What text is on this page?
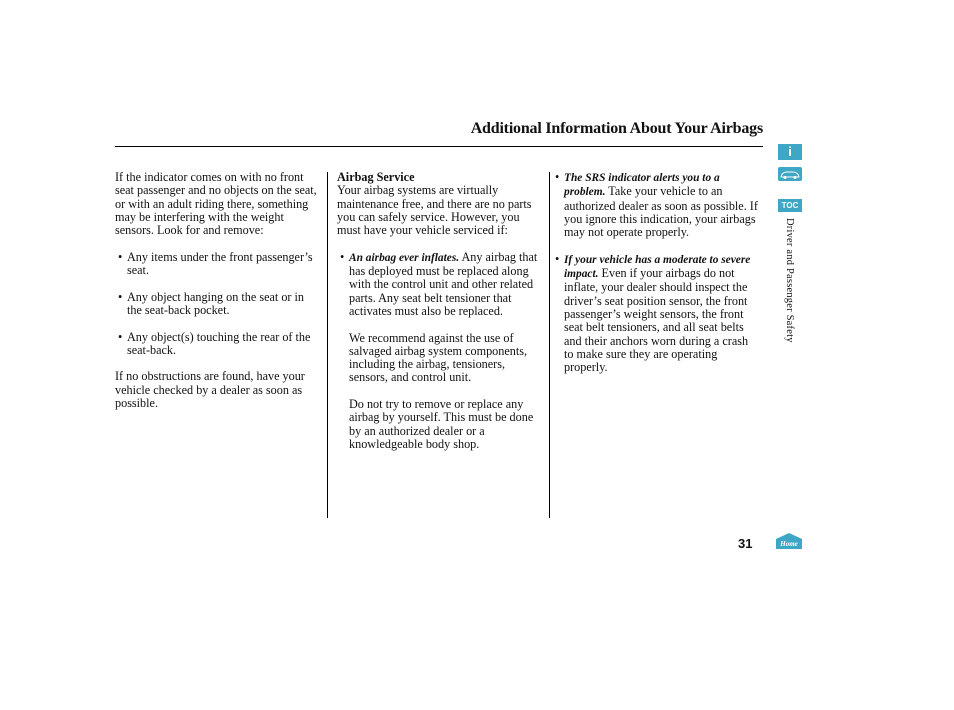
Additional Information About Your Airbags

If the indicator comes on with no front seat passenger and no objects on the seat, or with an adult riding there, something may be interfering with the weight sensors. Look for and remove:

• Any items under the front passenger’s seat.

• Any object hanging on the seat or in the seat-back pocket.

• Any object(s) touching the rear of the seat-back.

If no obstructions are found, have your vehicle checked by a dealer as soon as possible.

Airbag Service

Your airbag systems are virtually maintenance free, and there are no parts you can safely service. However, you must have your vehicle serviced if:

• An airbag ever inflates. Any airbag that has deployed must be replaced along with the control unit and other related parts. Any seat belt tensioner that activates must also be replaced.

We recommend against the use of salvaged airbag system components, including the airbag, tensioners, sensors, and control unit.

Do not try to remove or replace any airbag by yourself. This must be done by an authorized dealer or a knowledgeable body shop.

• The SRS indicator alerts you to a problem. Take your vehicle to an authorized dealer as soon as possible. If you ignore this indication, your airbags may not operate properly.

• If your vehicle has a moderate to severe impact. Even if your airbags do not inflate, your dealer should inspect the driver’s seat position sensor, the front passenger’s weight sensors, the front seat belt tensioners, and all seat belts and their anchors worn during a crash to make sure they are operating properly.

i
TOC
Driver and Passenger Safety
31	Home
